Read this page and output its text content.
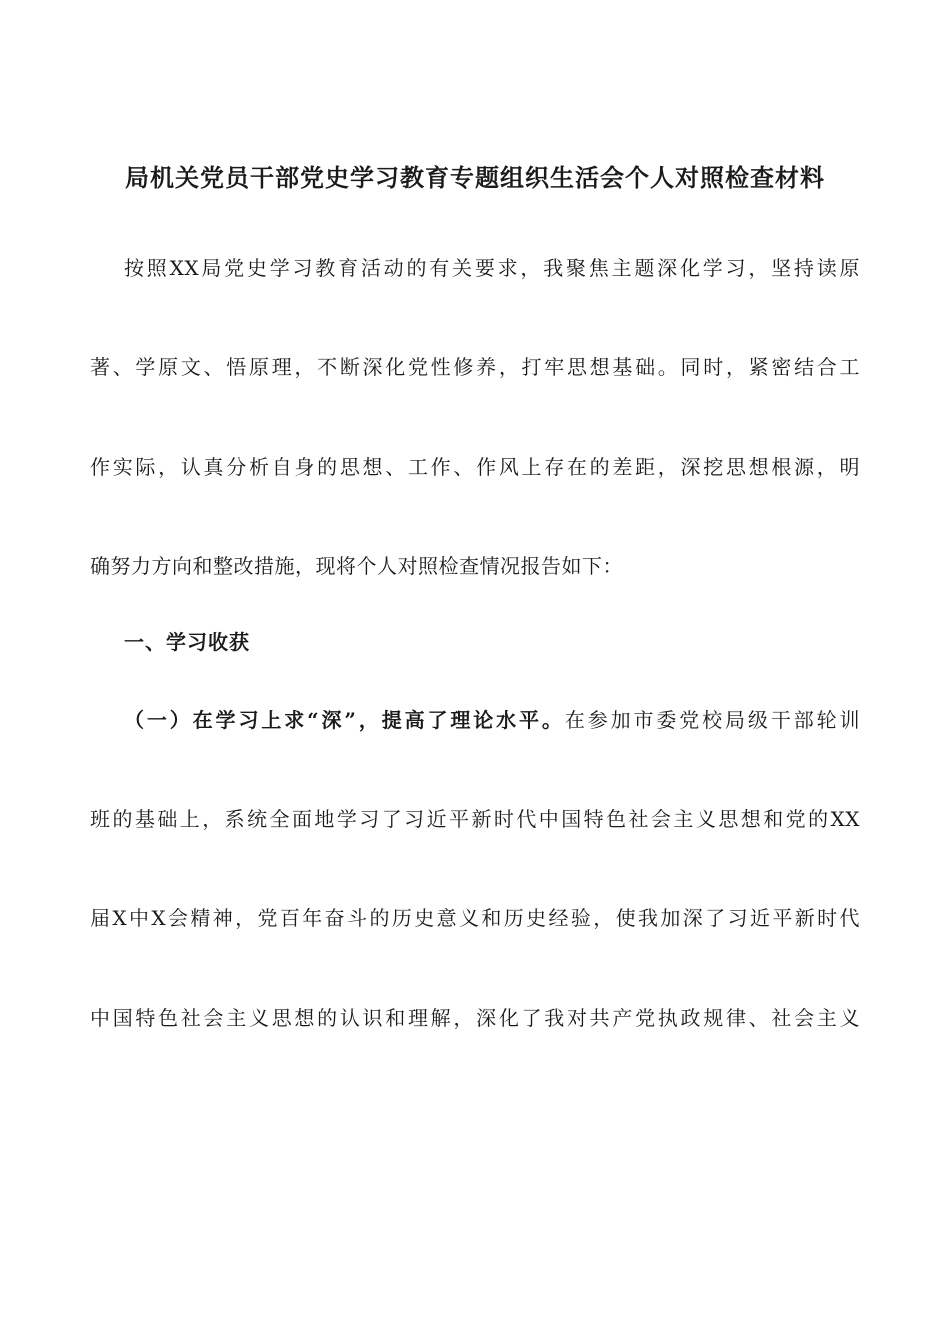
局机关党员干部党史学习教育专题组织生活会个人对照检查材料
按照XX局党史学习教育活动的有关要求，我聚焦主题深化学习，坚持读原
著、学原文、悟原理，不断深化党性修养，打牢思想基础。同时，紧密结合工
作实际，认真分析自身的思想、工作、作风上存在的差距，深挖思想根源，明
确努力方向和整改措施，现将个人对照检查情况报告如下：
一、学习收获
（一）在学习上求“深”，提高了理论水平。在参加市委党校局级干部轮训
班的基础上，系统全面地学习了习近平新时代中国特色社会主义思想和党的XX
届X中X会精神，党百年奋斗的历史意义和历史经验，使我加深了习近平新时代
中国特色社会主义思想的认识和理解，深化了我对共产党执政规律、社会主义
